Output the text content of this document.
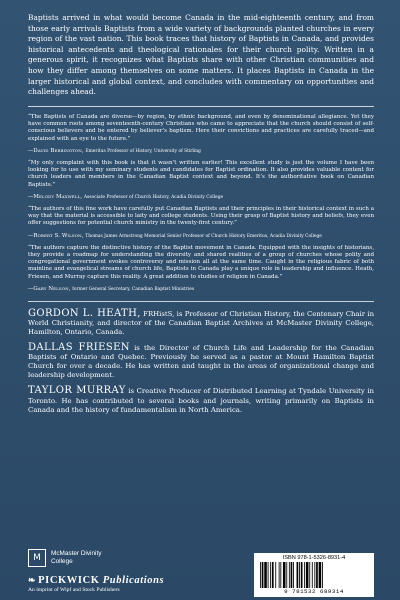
Baptists arrived in what would become Canada in the mid-eighteenth century, and from those early arrivals Baptists from a wide variety of backgrounds planted churches in every region of the vast nation. This book traces that history of Baptists in Canada, and provides historical antecedents and theological rationales for their church polity. Written in a generous spirit, it recognizes what Baptists share with other Christian communities and how they differ among themselves on some matters. It places Baptists in Canada in the larger historical and global context, and concludes with commentary on opportunities and challenges ahead.

“The Baptists of Canada are diverse—by region, by ethnic background, and even by denominational allegiance. Yet they have common roots among seventeenth-century Christians who came to appreciate that the church should consist of self-conscious believers and be entered by believer’s baptism. Here their convictions and practices are carefully traced—and explained with an eye to the future.”

—David Bebbington, Emeritus Professor of History, University of Stirling

“My only complaint with this book is that it wasn’t written earlier! This excellent study is just the volume I have been looking for to use with my seminary students and candidates for Baptist ordination. It also provides valuable content for church leaders and members in the Canadian Baptist context and beyond. It’s the authoritative book on Canadian Baptists.”

—Melody Maxwell, Associate Professor of Church History, Acadia Divinity College

“The authors of this fine work have carefully put Canadian Baptists and their principles in their historical context in such a way that the material is accessible to laity and college students. Using their grasp of Baptist history and beliefs, they even offer suggestions for potential church ministry in the twenty-first century.”

—Robert S. Wilson, Thomas James Armstrong Memorial Senior Professor of Church History Emeritus, Acadia Divinity College

“The authors capture the distinctive history of the Baptist movement in Canada. Equipped with the insights of historians, they provide a roadmap for understanding the diversity and shared realities of a group of churches whose polity and congregational government evokes controversy and mission all at the same time. Caught in the religious fabric of both mainline and evangelical streams of church life, Baptists in Canada play a unique role in leadership and influence. Heath, Friesen, and Murray capture this reality. A great addition to studies of religion in Canada.”

—Gary Nelson, former General Secretary, Canadian Baptist Ministries

GORDON L. HEATH, FRHistS, is Professor of Christian History, the Centenary Chair in World Christianity, and director of the Canadian Baptist Archives at McMaster Divinity College, Hamilton, Ontario, Canada.

DALLAS FRIESEN is the Director of Church Life and Leadership for the Canadian Baptists of Ontario and Quebec. Previously he served as a pastor at Mount Hamilton Baptist Church for over a decade. He has written and taught in the areas of organizational change and leadership development.

TAYLOR MURRAY is Creative Producer of Distributed Learning at Tyndale University in Toronto. He has contributed to several books and journals, writing primarily on Baptists in Canada and the history of fundamentalism in North America.

M	McMaster Divinity
College
❧ PICKWICK Publications
An imprint of Wipf and Stock Publishers
ISBN 978-1-5326-8931-4
9 781532 689314
